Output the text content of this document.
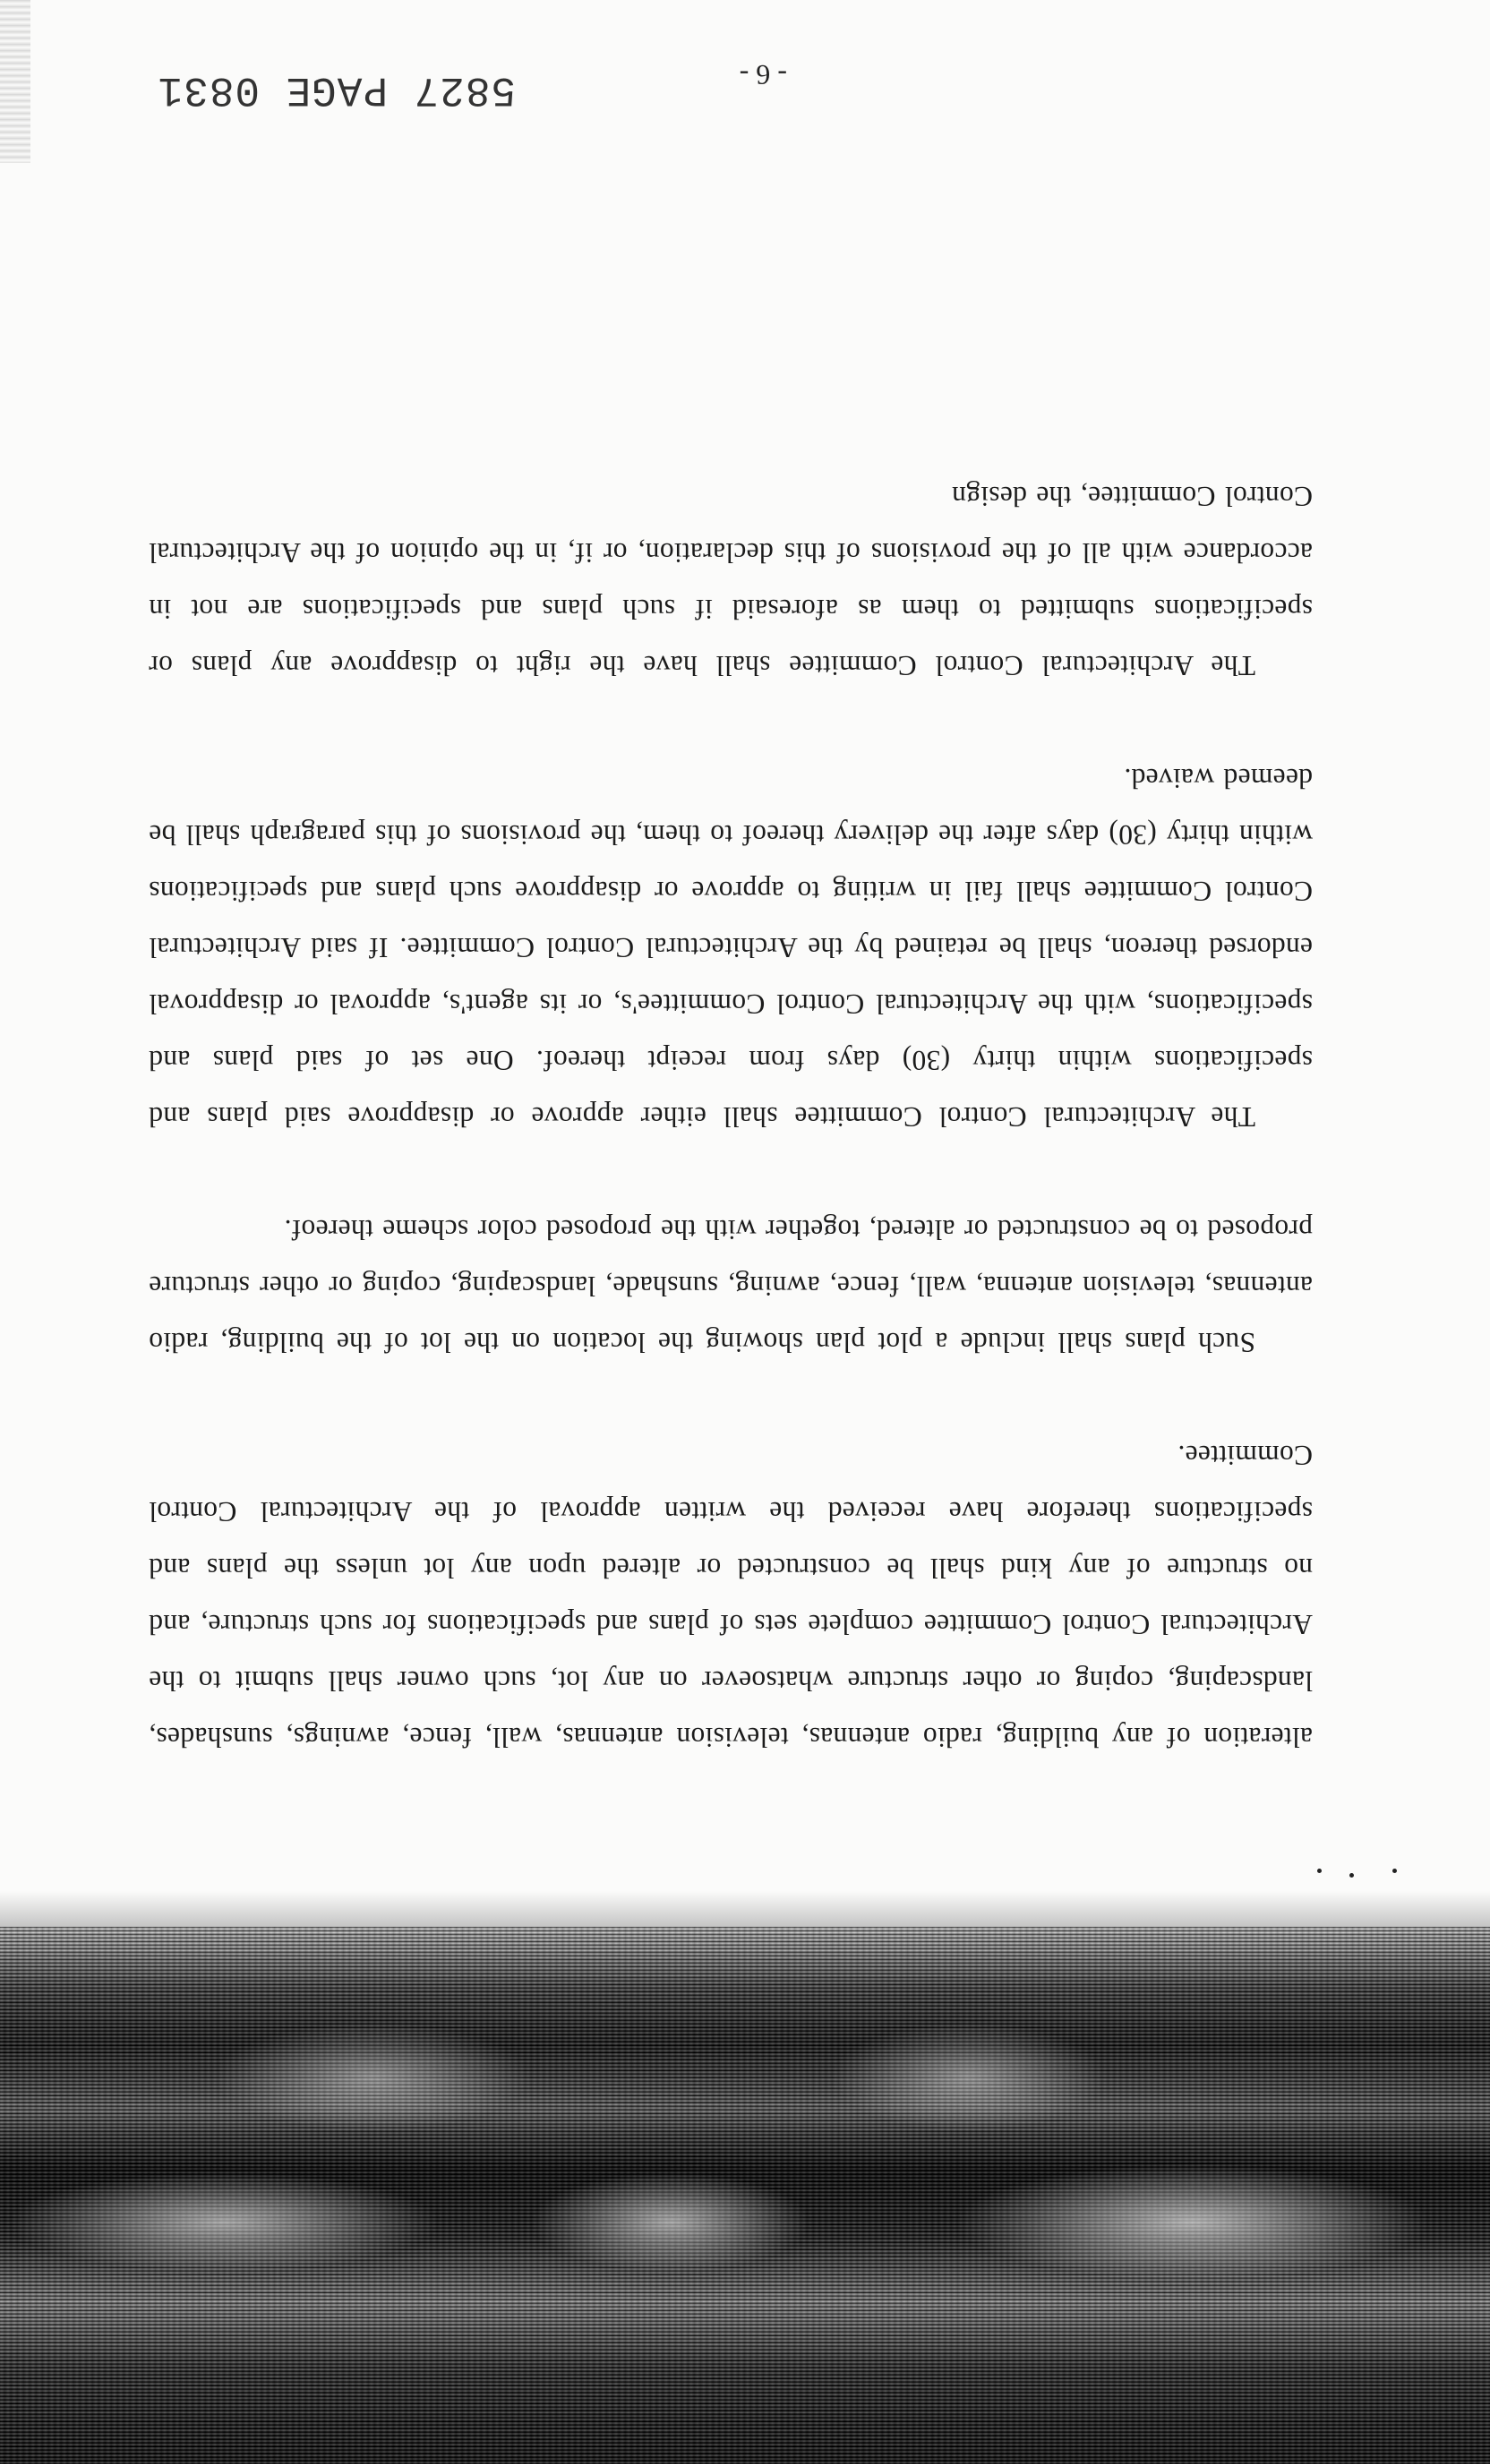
alteration of any building, radio antennas, television antennas, wall, fence, awnings, sunshades, landscaping, coping or other structure whatsoever on any lot, such owner shall submit to the Architectural Control Committee complete sets of plans and specifications for such structure, and no structure of any kind shall be constructed or altered upon any lot unless the plans and specifications therefore have received the written approval of the Architectural Control Committee.

Such plans shall include a plot plan showing the location on the lot of the building, radio antennas, television antenna, wall, fence, awning, sunshade, landscaping, coping or other structure proposed to be constructed or altered, together with the proposed color scheme thereof.

The Architectural Control Committee shall either approve or disapprove said plans and specifications within thirty (30) days from receipt thereof. One set of said plans and specifications, with the Architectural Control Committee's, or its agent's, approval or disapproval endorsed thereon, shall be retained by the Architectural Control Committee. If said Architectural Control Committee shall fail in writing to approve or disapprove such plans and specifications within thirty (30) days after the delivery thereof to them, the provisions of this paragraph shall be deemed waived.

The Architectural Control Committee shall have the right to disapprove any plans or specifications submitted to them as aforesaid if such plans and specifications are not in accordance with all of the provisions of this declaration, or if, in the opinion of the Architectural Control Committee, the design

- 6 -
5827 PAGE 0831
